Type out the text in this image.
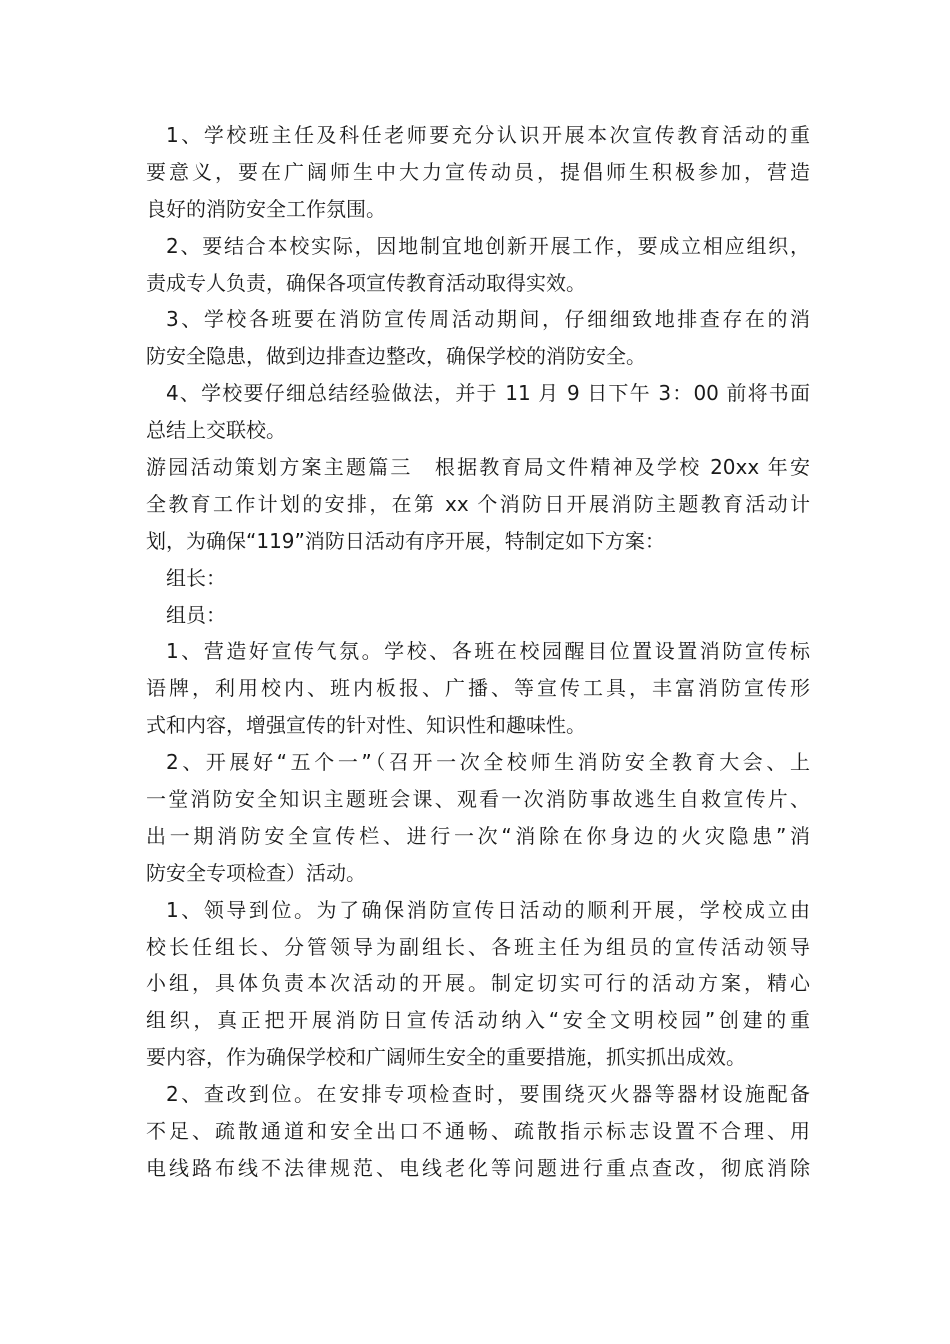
1、学校班主任及科任老师要充分认识开展本次宣传教育活动的重
要意义，要在广阔师生中大力宣传动员，提倡师生积极参加，营造
良好的消防安全工作氛围。
2、要结合本校实际，因地制宜地创新开展工作，要成立相应组织，
责成专人负责，确保各项宣传教育活动取得实效。
3、学校各班要在消防宣传周活动期间，仔细细致地排查存在的消
防安全隐患，做到边排查边整改，确保学校的消防安全。
4、学校要仔细总结经验做法，并于 11 月 9 日下午 3：00 前将书面
总结上交联校。
游园活动策划方案主题篇三　根据教育局文件精神及学校 20xx 年安
全教育工作计划的安排，在第 xx 个消防日开展消防主题教育活动计
划，为确保“119”消防日活动有序开展，特制定如下方案：
组长：
组员：
1、营造好宣传气氛。学校、各班在校园醒目位置设置消防宣传标
语牌，利用校内、班内板报、广播、等宣传工具，丰富消防宣传形
式和内容，增强宣传的针对性、知识性和趣味性。
2、开展好“五个一”（召开一次全校师生消防安全教育大会、上
一堂消防安全知识主题班会课、观看一次消防事故逃生自救宣传片、
出一期消防安全宣传栏、进行一次“消除在你身边的火灾隐患”消
防安全专项检查）活动。
1、领导到位。为了确保消防宣传日活动的顺利开展，学校成立由
校长任组长、分管领导为副组长、各班主任为组员的宣传活动领导
小组，具体负责本次活动的开展。制定切实可行的活动方案，精心
组织，真正把开展消防日宣传活动纳入“安全文明校园”创建的重
要内容，作为确保学校和广阔师生安全的重要措施，抓实抓出成效。
2、查改到位。在安排专项检查时，要围绕灭火器等器材设施配备
不足、疏散通道和安全出口不通畅、疏散指示标志设置不合理、用
电线路布线不法律规范、电线老化等问题进行重点查改，彻底消除
